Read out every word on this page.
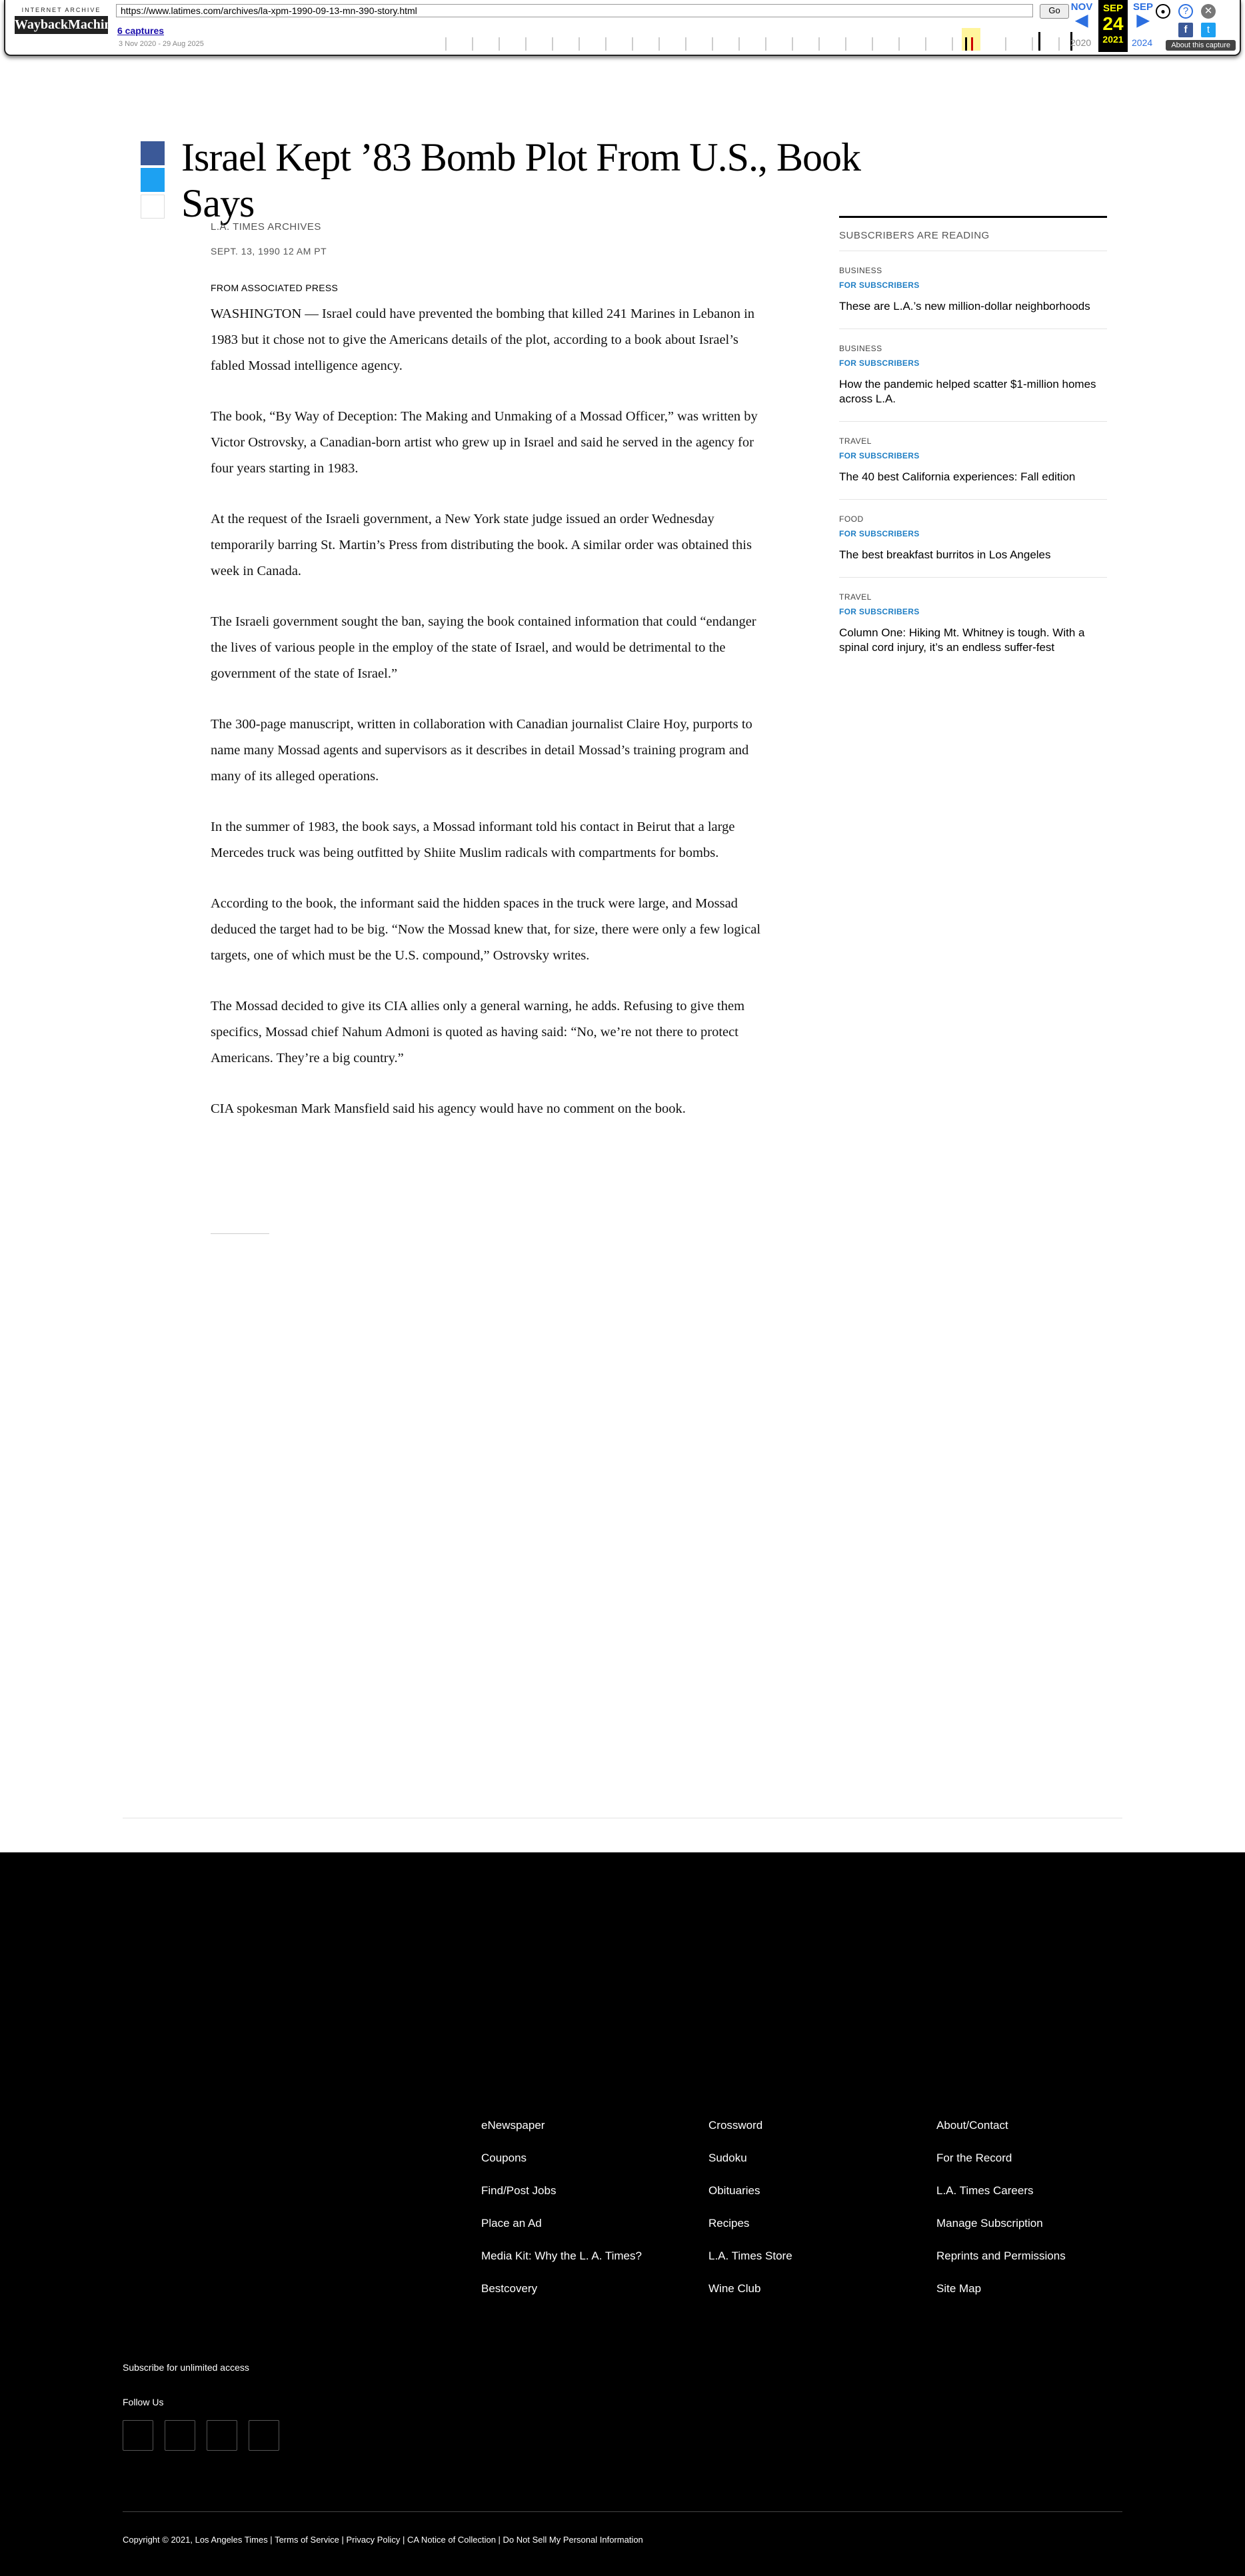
INTERNET ARCHIVE
WaybackMachine
https://www.latimes.com/archives/la-xpm-1990-09-13-mn-390-story.html	Go
6 captures
3 Nov 2020 - 29 Aug 2025
NOV
◀
2020
SEP
24
2021
SEP
▶
2024
●	?	✕
f	t
About this capture
Israel Kept ’83 Bomb Plot From U.S., Book Says
L.A. TIMES ARCHIVES
SEPT. 13, 1990 12 AM PT
FROM ASSOCIATED PRESS

WASHINGTON — Israel could have prevented the bombing that killed 241 Marines in Lebanon in 1983 but it chose not to give the Americans details of the plot, according to a book about Israel’s fabled Mossad intelligence agency.

The book, “By Way of Deception: The Making and Unmaking of a Mossad Officer,” was written by Victor Ostrovsky, a Canadian-born artist who grew up in Israel and said he served in the agency for four years starting in 1983.

At the request of the Israeli government, a New York state judge issued an order Wednesday temporarily barring St. Martin’s Press from distributing the book. A similar order was obtained this week in Canada.

The Israeli government sought the ban, saying the book contained information that could “endanger the lives of various people in the employ of the state of Israel, and would be detrimental to the government of the state of Israel.”

The 300-page manuscript, written in collaboration with Canadian journalist Claire Hoy, purports to name many Mossad agents and supervisors as it describes in detail Mossad’s training program and many of its alleged operations.

In the summer of 1983, the book says, a Mossad informant told his contact in Beirut that a large Mercedes truck was being outfitted by Shiite Muslim radicals with compartments for bombs.

According to the book, the informant said the hidden spaces in the truck were large, and Mossad deduced the target had to be big. “Now the Mossad knew that, for size, there were only a few logical targets, one of which must be the U.S. compound,” Ostrovsky writes.

The Mossad decided to give its CIA allies only a general warning, he adds. Refusing to give them specifics, Mossad chief Nahum Admoni is quoted as having said: “No, we’re not there to protect Americans. They’re a big country.”

CIA spokesman Mark Mansfield said his agency would have no comment on the book.

SUBSCRIBERS ARE READING
BUSINESS
FOR SUBSCRIBERS
These are L.A.’s new million-dollar neighborhoods
BUSINESS
FOR SUBSCRIBERS
How the pandemic helped scatter $1-million homes across L.A.
TRAVEL
FOR SUBSCRIBERS
The 40 best California experiences: Fall edition
FOOD
FOR SUBSCRIBERS
The best breakfast burritos in Los Angeles
TRAVEL
FOR SUBSCRIBERS
Column One: Hiking Mt. Whitney is tough. With a spinal cord injury, it’s an endless suffer-fest
eNewspaper
Coupons
Find/Post Jobs
Place an Ad
Media Kit: Why the L. A. Times?
Bestcovery
Crossword
Sudoku
Obituaries
Recipes
L.A. Times Store
Wine Club
About/Contact
For the Record
L.A. Times Careers
Manage Subscription
Reprints and Permissions
Site Map
Subscribe for unlimited access
Follow Us
Copyright © 2021, Los Angeles Times | Terms of Service | Privacy Policy | CA Notice of Collection | Do Not Sell My Personal Information
